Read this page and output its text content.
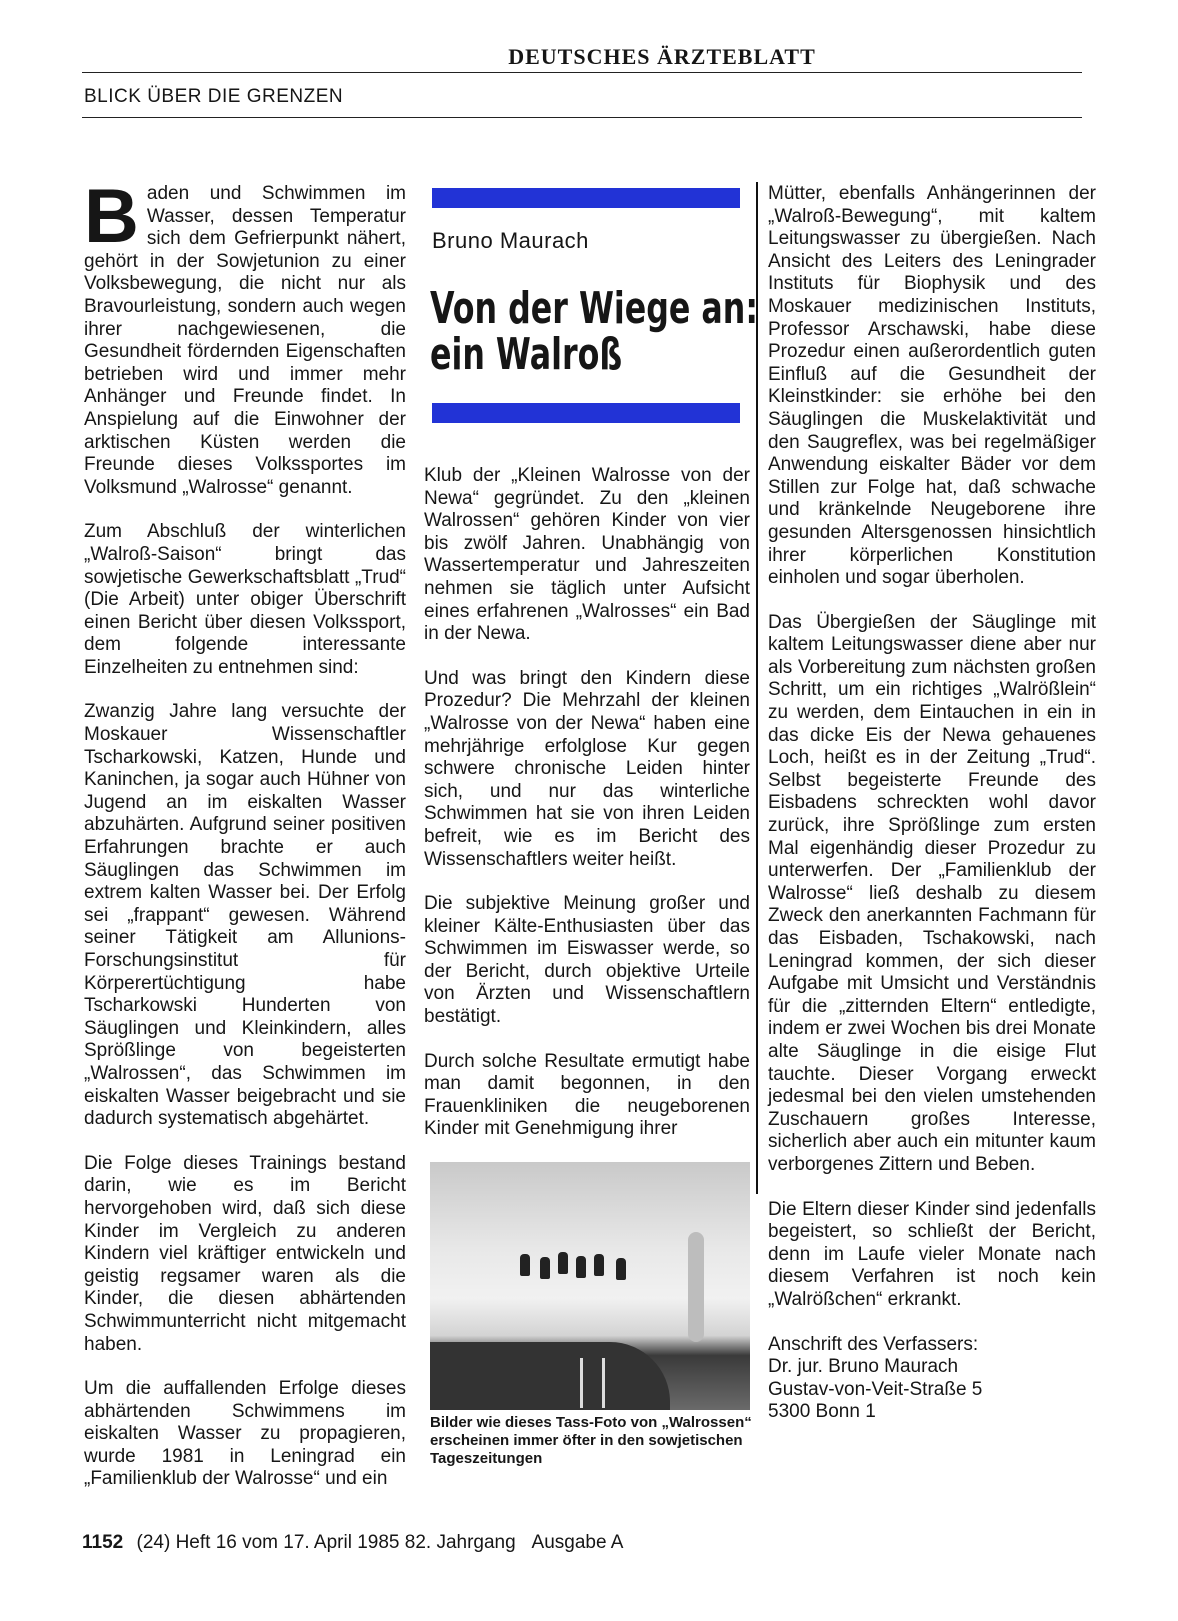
DEUTSCHES ÄRZTEBLATT
BLICK ÜBER DIE GRENZEN

Baden und Schwimmen im Wasser, dessen Temperatur sich dem Gefrierpunkt nähert, gehört in der Sowjetunion zu einer Volksbewegung, die nicht nur als Bravourleistung, sondern auch wegen ihrer nachgewiesenen, die Gesundheit fördernden Eigenschaften betrieben wird und immer mehr Anhänger und Freunde findet. In Anspielung auf die Einwohner der arktischen Küsten werden die Freunde dieses Volkssportes im Volksmund „Walrosse“ genannt.

Zum Abschluß der winterlichen „Walroß-Saison“ bringt das sowjetische Gewerkschaftsblatt „Trud“ (Die Arbeit) unter obiger Überschrift einen Bericht über diesen Volkssport, dem folgende interessante Einzelheiten zu entnehmen sind:

Zwanzig Jahre lang versuchte der Moskauer Wissenschaftler Tscharkowski, Katzen, Hunde und Kaninchen, ja sogar auch Hühner von Jugend an im eiskalten Wasser abzuhärten. Aufgrund seiner positiven Erfahrungen brachte er auch Säuglingen das Schwimmen im extrem kalten Wasser bei. Der Erfolg sei „frappant“ gewesen. Während seiner Tätigkeit am Allunions-Forschungsinstitut für Körperertüchtigung habe Tscharkowski Hunderten von Säuglingen und Kleinkindern, alles Sprößlinge von begeisterten „Walrossen“, das Schwimmen im eiskalten Wasser beigebracht und sie dadurch systematisch abgehärtet.

Die Folge dieses Trainings bestand darin, wie es im Bericht hervorgehoben wird, daß sich diese Kinder im Vergleich zu anderen Kindern viel kräftiger entwickeln und geistig regsamer waren als die Kinder, die diesen abhärtenden Schwimmunterricht nicht mitgemacht haben.

Um die auffallenden Erfolge dieses abhärtenden Schwimmens im eiskalten Wasser zu propagieren, wurde 1981 in Leningrad ein „Familienklub der Walrosse“ und ein

Bruno Maurach
Von der Wiege an:
ein Walroß

Klub der „Kleinen Walrosse von der Newa“ gegründet. Zu den „kleinen Walrossen“ gehören Kinder von vier bis zwölf Jahren. Unabhängig von Wassertemperatur und Jahreszeiten nehmen sie täglich unter Aufsicht eines erfahrenen „Walrosses“ ein Bad in der Newa.

Und was bringt den Kindern diese Prozedur? Die Mehrzahl der kleinen „Walrosse von der Newa“ haben eine mehrjährige erfolglose Kur gegen schwere chronische Leiden hinter sich, und nur das winterliche Schwimmen hat sie von ihren Leiden befreit, wie es im Bericht des Wissenschaftlers weiter heißt.

Die subjektive Meinung großer und kleiner Kälte-Enthusiasten über das Schwimmen im Eiswasser werde, so der Bericht, durch objektive Urteile von Ärzten und Wissenschaftlern bestätigt.

Durch solche Resultate ermutigt habe man damit begonnen, in den Frauenkliniken die neugeborenen Kinder mit Genehmigung ihrer

Bilder wie dieses Tass-Foto von „Walrossen“ erscheinen immer öfter in den sowjetischen Tageszeitungen

Mütter, ebenfalls Anhängerinnen der „Walroß-Bewegung“, mit kaltem Leitungswasser zu übergießen. Nach Ansicht des Leiters des Leningrader Instituts für Biophysik und des Moskauer medizinischen Instituts, Professor Arschawski, habe diese Prozedur einen außerordentlich guten Einfluß auf die Gesundheit der Kleinstkinder: sie erhöhe bei den Säuglingen die Muskelaktivität und den Saugreflex, was bei regelmäßiger Anwendung eiskalter Bäder vor dem Stillen zur Folge hat, daß schwache und kränkelnde Neugeborene ihre gesunden Altersgenossen hinsichtlich ihrer körperlichen Konstitution einholen und sogar überholen.

Das Übergießen der Säuglinge mit kaltem Leitungswasser diene aber nur als Vorbereitung zum nächsten großen Schritt, um ein richtiges „Walrößlein“ zu werden, dem Eintauchen in ein in das dicke Eis der Newa gehauenes Loch, heißt es in der Zeitung „Trud“. Selbst begeisterte Freunde des Eisbadens schreckten wohl davor zurück, ihre Sprößlinge zum ersten Mal eigenhändig dieser Prozedur zu unterwerfen. Der „Familienklub der Walrosse“ ließ deshalb zu diesem Zweck den anerkannten Fachmann für das Eisbaden, Tschakowski, nach Leningrad kommen, der sich dieser Aufgabe mit Umsicht und Verständnis für die „zitternden Eltern“ entledigte, indem er zwei Wochen bis drei Monate alte Säuglinge in die eisige Flut tauchte. Dieser Vorgang erweckt jedesmal bei den vielen umstehenden Zuschauern großes Interesse, sicherlich aber auch ein mitunter kaum verborgenes Zittern und Beben.

Die Eltern dieser Kinder sind jedenfalls begeistert, so schließt der Bericht, denn im Laufe vieler Monate nach diesem Verfahren ist noch kein „Walrößchen“ erkrankt.

Anschrift des Verfassers:
Dr. jur. Bruno Maurach
Gustav-von-Veit-Straße 5
5300 Bonn 1
1152 (24) Heft 16 vom 17. April 1985 82. Jahrgang Ausgabe A
